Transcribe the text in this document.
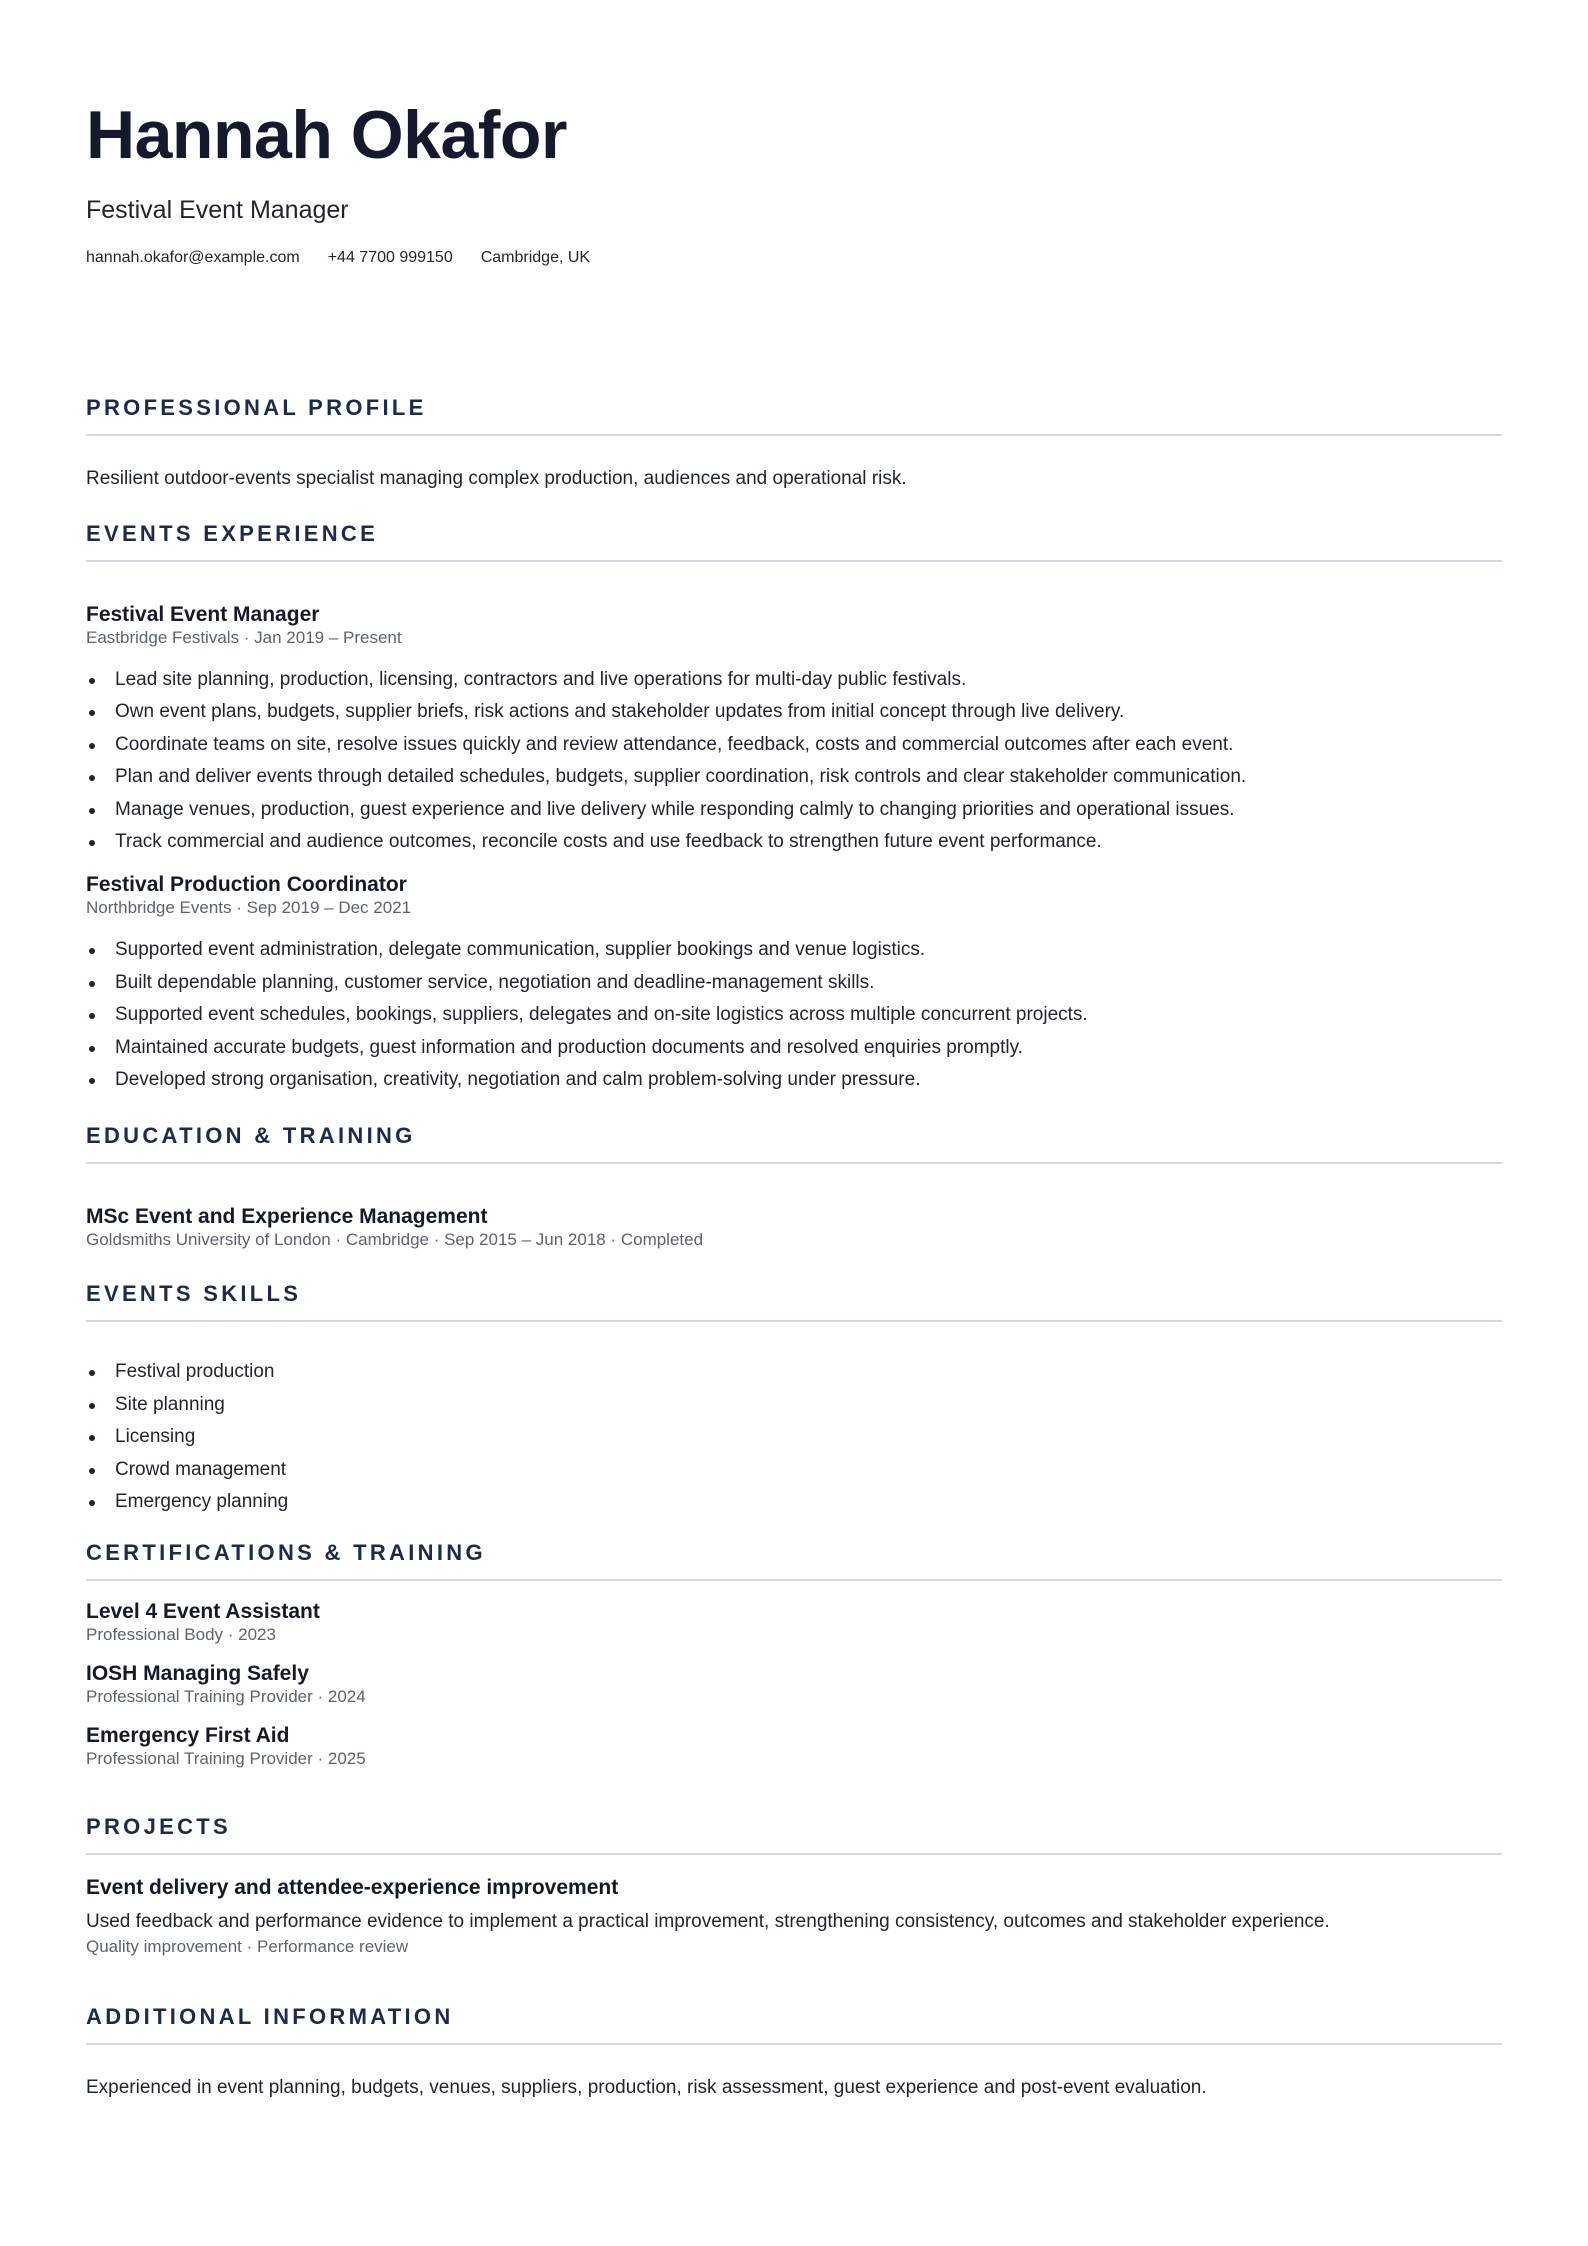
Hannah Okafor
Festival Event Manager
hannah.okafor@example.com +44 7700 999150 Cambridge, UK
PROFESSIONAL PROFILE
Resilient outdoor-events specialist managing complex production, audiences and operational risk.
EVENTS EXPERIENCE
Festival Event Manager
Eastbridge Festivals · Jan 2019 – Present
Lead site planning, production, licensing, contractors and live operations for multi-day public festivals.
Own event plans, budgets, supplier briefs, risk actions and stakeholder updates from initial concept through live delivery.
Coordinate teams on site, resolve issues quickly and review attendance, feedback, costs and commercial outcomes after each event.
Plan and deliver events through detailed schedules, budgets, supplier coordination, risk controls and clear stakeholder communication.
Manage venues, production, guest experience and live delivery while responding calmly to changing priorities and operational issues.
Track commercial and audience outcomes, reconcile costs and use feedback to strengthen future event performance.
Festival Production Coordinator
Northbridge Events · Sep 2019 – Dec 2021
Supported event administration, delegate communication, supplier bookings and venue logistics.
Built dependable planning, customer service, negotiation and deadline-management skills.
Supported event schedules, bookings, suppliers, delegates and on-site logistics across multiple concurrent projects.
Maintained accurate budgets, guest information and production documents and resolved enquiries promptly.
Developed strong organisation, creativity, negotiation and calm problem-solving under pressure.
EDUCATION & TRAINING
MSc Event and Experience Management
Goldsmiths University of London · Cambridge · Sep 2015 – Jun 2018 · Completed
EVENTS SKILLS
Festival production
Site planning
Licensing
Crowd management
Emergency planning
CERTIFICATIONS & TRAINING
Level 4 Event Assistant
Professional Body · 2023
IOSH Managing Safely
Professional Training Provider · 2024
Emergency First Aid
Professional Training Provider · 2025
PROJECTS
Event delivery and attendee-experience improvement
Used feedback and performance evidence to implement a practical improvement, strengthening consistency, outcomes and stakeholder experience.
Quality improvement · Performance review
ADDITIONAL INFORMATION
Experienced in event planning, budgets, venues, suppliers, production, risk assessment, guest experience and post-event evaluation.
